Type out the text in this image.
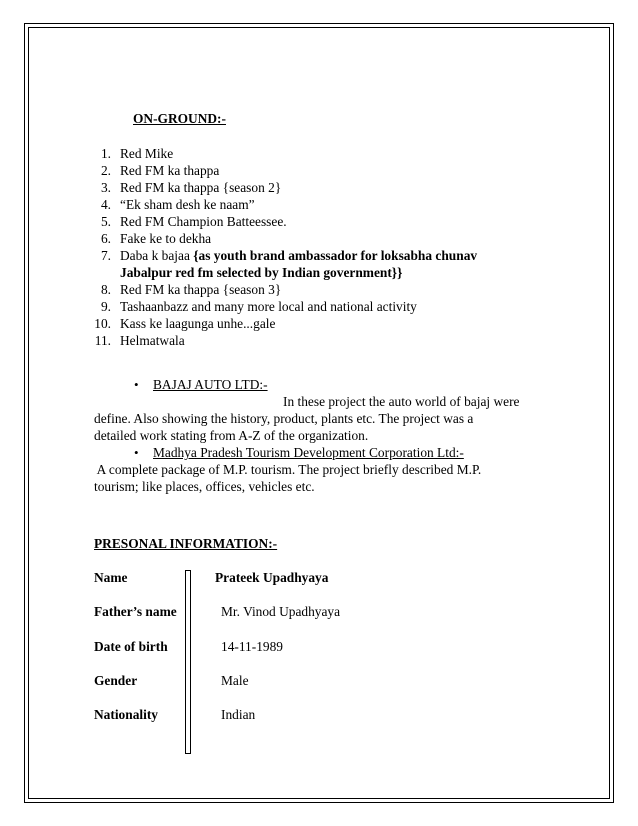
ON-GROUND:-
1. Red Mike
2. Red FM ka thappa
3. Red FM ka thappa {season 2}
4. “Ek sham desh ke naam”
5. Red FM Champion Batteessee.
6. Fake ke to dekha
7. Daba k bajaa {as youth brand ambassador for loksabha chunav
Jabalpur red fm selected by Indian government}}
8. Red FM ka thappa {season 3}
9. Tashaanbazz and many more local and national activity
10. Kass ke laagunga unhe...gale
11. Helmatwala
• BAJAJ AUTO LTD:-
In these project the auto world of bajaj were
define. Also showing the history, product, plants etc. The project was a
detailed work stating from A-Z of the organization.
• Madhya Pradesh Tourism Development Corporation Ltd:-
A complete package of M.P. tourism. The project briefly described M.P.
tourism; like places, offices, vehicles etc.
PRESONAL INFORMATION:-
Name	Prateek Upadhyaya
Father’s name	Mr. Vinod Upadhyaya
Date of birth	14-11-1989
Gender	Male
Nationality	Indian
